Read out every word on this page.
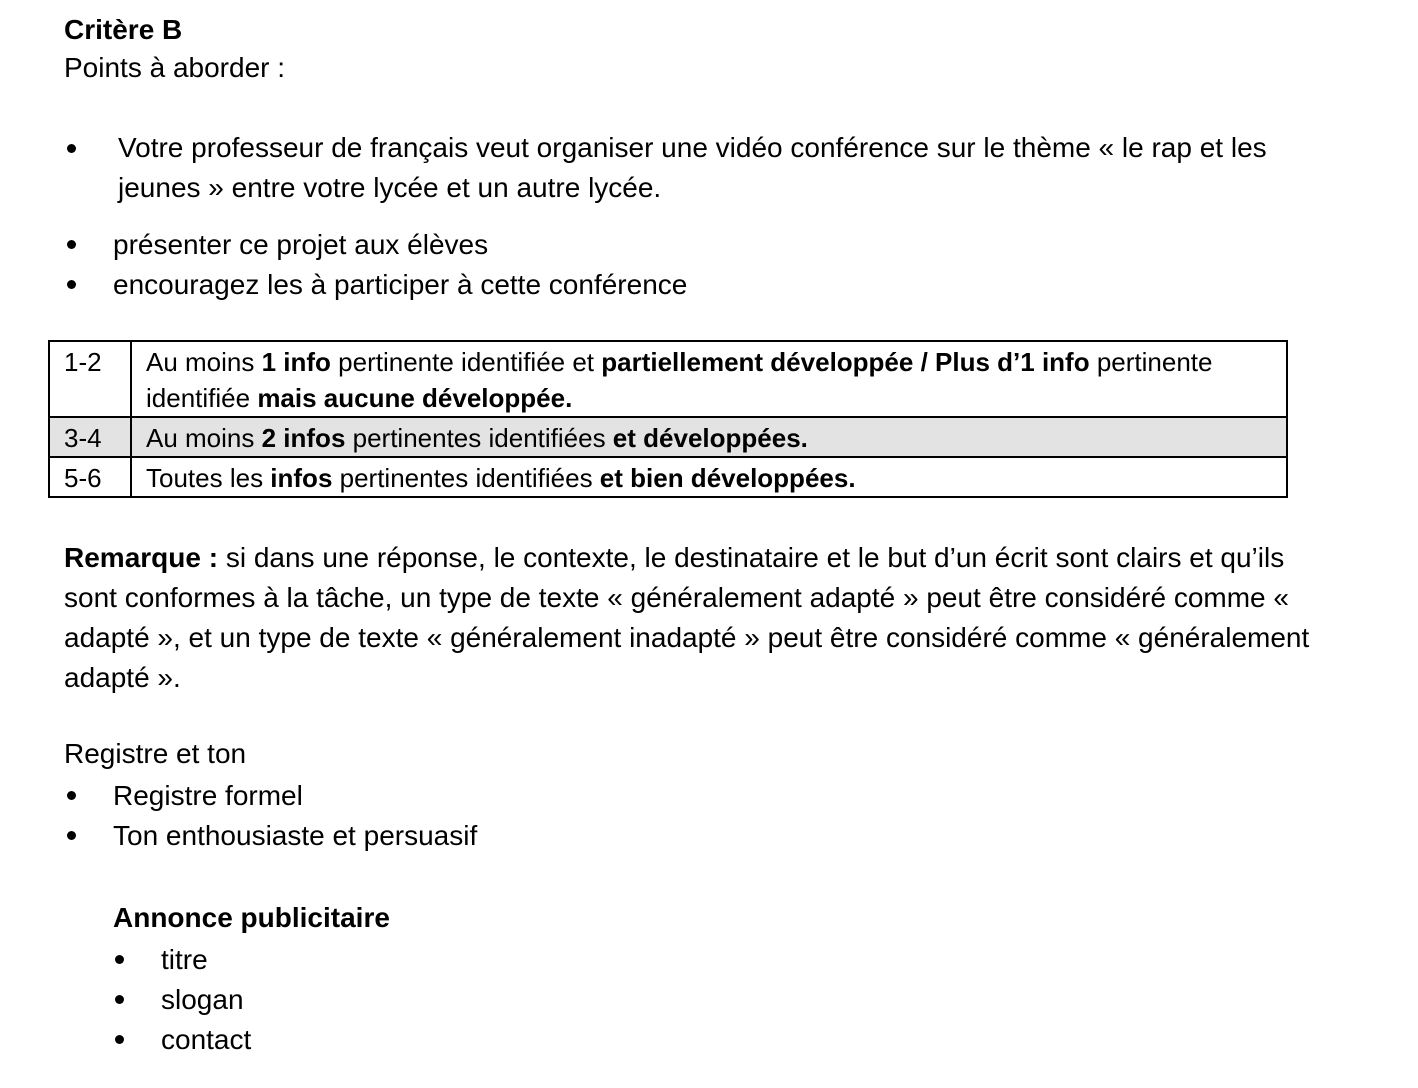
Critère B

Points à aborder :

Votre professeur de français veut organiser une vidéo conférence sur le thème « le rap et les jeunes » entre votre lycée et un autre lycée.
présenter ce projet aux élèves
encouragez les à participer à cette conférence
1-2	Au moins 1 info pertinente identifiée et partiellement développée / Plus d’1 info pertinente identifiée mais aucune développée.
3-4	Au moins 2 infos pertinentes identifiées et développées.
5-6	Toutes les infos pertinentes identifiées et bien développées.

Remarque : si dans une réponse, le contexte, le destinataire et le but d’un écrit sont clairs et qu’ils sont conformes à la tâche, un type de texte « généralement adapté » peut être considéré comme « adapté », et un type de texte « généralement inadapté » peut être considéré comme « généralement adapté ».

Registre et ton

Registre formel
Ton enthousiaste et persuasif

Annonce publicitaire

titre
slogan
contact
